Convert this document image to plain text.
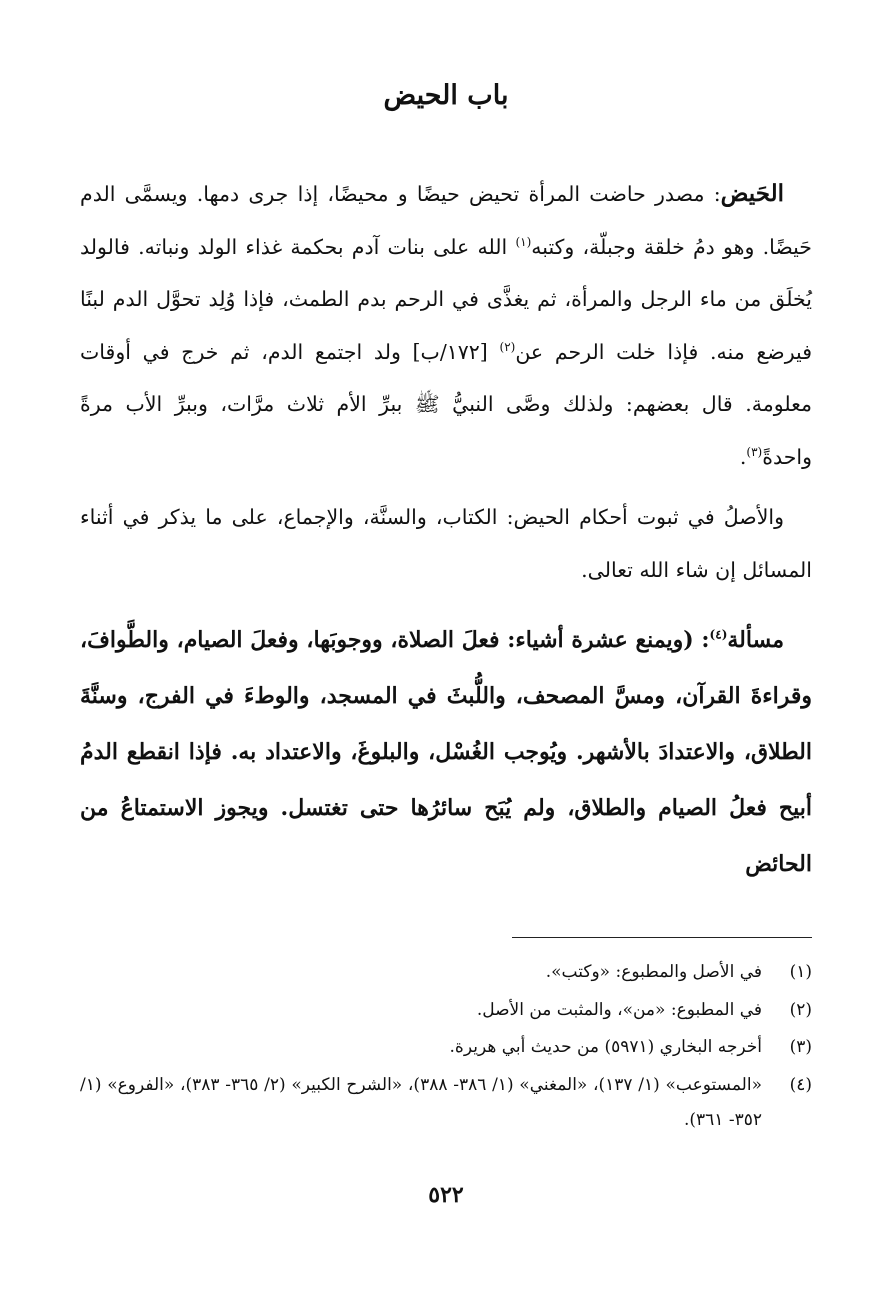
باب الحيض

الحَيض: مصدر حاضت المرأة تحيض حيضًا و محيضًا، إذا جرى دمها. ويسمَّى الدم حَيضًا. وهو دمُ خلقة وجبلّة، وكتبه$^{(١)}$ الله على بنات آدم بحكمة غذاء الولد ونباته. فالولد يُخلَق من ماء الرجل والمرأة، ثم يغذَّى في الرحم بدم الطمث، فإذا وُلِد تحوَّل الدم لبنًا فيرضع منه. فإذا خلت الرحم عن$^{(٢)}$ [١٧٢/ب] ولد اجتمع الدم، ثم خرج في أوقات معلومة. قال بعضهم: ولذلك وصَّى النبيُّ ﷺ ببرِّ الأم ثلاث مرَّات، وببرِّ الأب مرةً واحدةً$^{(٣)}$.

والأصلُ في ثبوت أحكام الحيض: الكتاب، والسنَّة، والإجماع، على ما يذكر في أثناء المسائل إن شاء الله تعالى.

مسألة$^{(٤)}$: (ويمنع عشرة أشياء: فعلَ الصلاة، ووجوبَها، وفعلَ الصيام، والطَّوافَ، وقراءةَ القرآن، ومسَّ المصحف، واللُّبثَ في المسجد، والوطءَ في الفرج، وسنَّةَ الطلاق، والاعتدادَ بالأشهر. ويُوجب الغُسْل، والبلوغَ، والاعتداد به. فإذا انقطع الدمُ أبيح فعلُ الصيام والطلاق، ولم يُبَح سائرُها حتى تغتسل. ويجوز الاستمتاعُ من الحائض

(١)
في الأصل والمطبوع: «وكتب».
(٢)
في المطبوع: «من»، والمثبت من الأصل.
(٣)
أخرجه البخاري (٥٩٧١) من حديث أبي هريرة.
(٤)
«المستوعب» (١/ ١٣٧)، «المغني» (١/ ٣٨٦- ٣٨٨)، «الشرح الكبير» (٢/ ٣٦٥- ٣٨٣)، «الفروع» (١/ ٣٥٢- ٣٦١).
٥٢٢
